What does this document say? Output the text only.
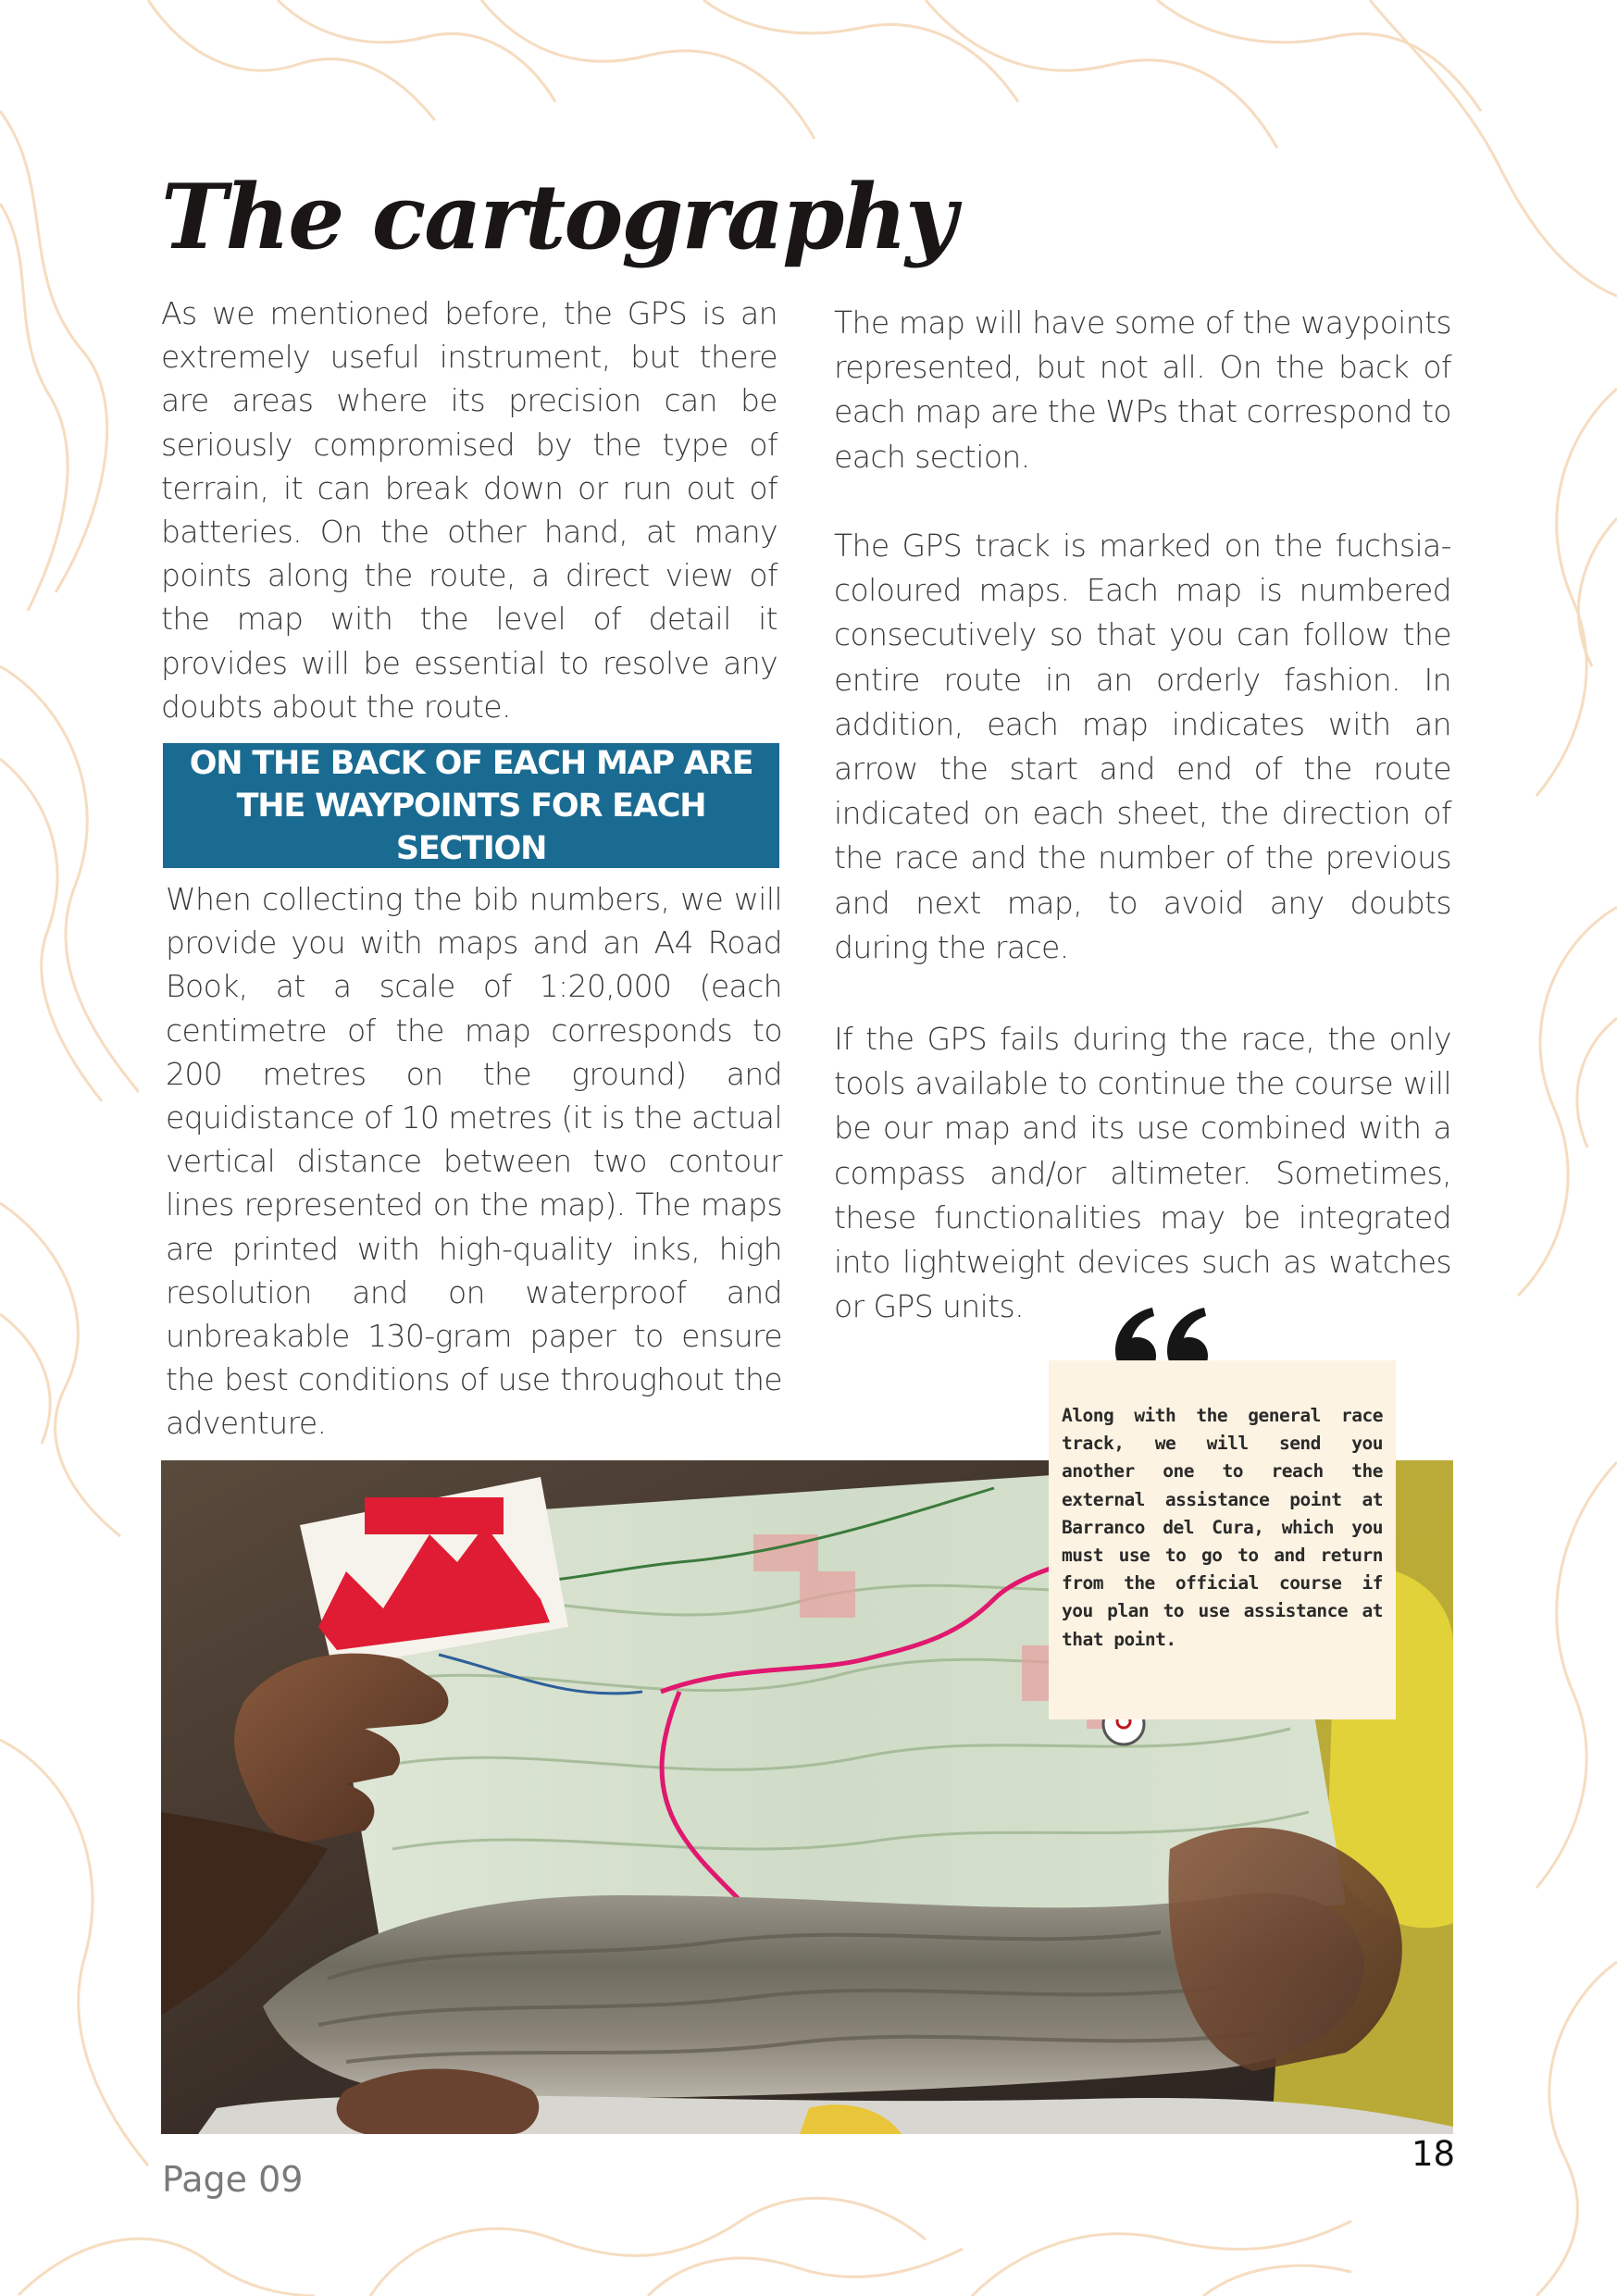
The cartography

As we mentioned before, the GPS is an extremely useful instrument, but there are areas where its precision can be seriously compromised by the type of terrain, it can break down or run out of batteries. On the other hand, at many points along the route, a direct view of the map with the level of detail it provides will be essential to resolve any doubts about the route.

ON THE BACK OF EACH MAP ARE THE WAYPOINTS FOR EACH SECTION

When collecting the bib numbers, we will provide you with maps and an A4 Road Book, at a scale of 1:20,000 (each centimetre of the map corresponds to 200 metres on the ground) and equidistance of 10 metres (it is the actual vertical distance between two contour lines represented on the map). The maps are printed with high-quality inks, high resolution and on waterproof and unbreakable 130-gram paper to ensure the best conditions of use throughout the adventure.

The map will have some of the waypoints represented, but not all. On the back of each map are the WPs that correspond to each section.

The GPS track is marked on the fuchsia-coloured maps. Each map is numbered consecutively so that you can follow the entire route in an orderly fashion. In addition, each map indicates with an arrow the start and end of the route indicated on each sheet, the direction of the race and the number of the previous and next map, to avoid any doubts during the race.

If the GPS fails during the race, the only tools available to continue the course will be our map and its use combined with a compass and/or altimeter. Sometimes, these functionalities may be integrated into lightweight devices such as watches or GPS units.

Along with the general race track, we will send you another one to reach the external assistance point at Barranco del Cura, which you must use to go to and return from the official course if you plan to use assistance at that point.

Page 09

18
